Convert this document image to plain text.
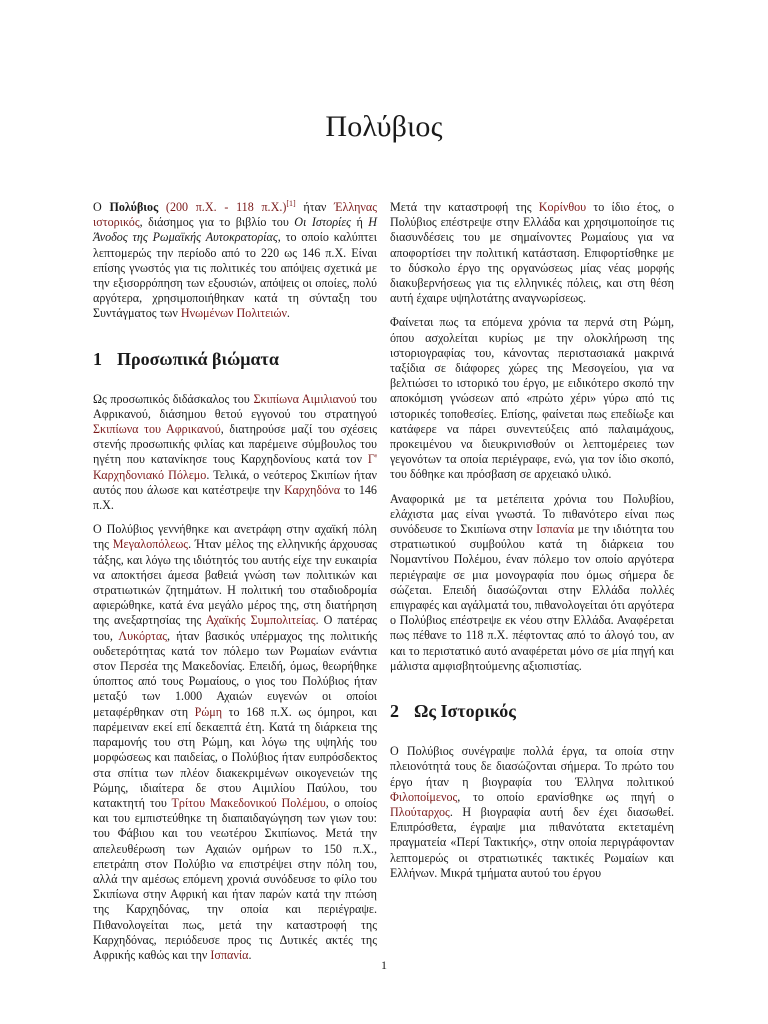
Πολύβιος

Ο Πολύβιος (200 π.Χ. - 118 π.Χ.)[1] ήταν Έλληνας ιστορικός, διάσημος για το βιβλίο του Οι Ιστορίες ή Η Άνοδος της Ρωμαϊκής Αυτοκρατορίας, το οποίο καλύπτει λεπτομερώς την περίοδο από το 220 ως 146 π.Χ. Είναι επίσης γνωστός για τις πολιτικές του απόψεις σχετικά με την εξισορρόπηση των εξουσιών, απόψεις οι οποίες, πολύ αργότερα, χρησιμοποιήθηκαν κατά τη σύνταξη του Συντάγματος των Ηνωμένων Πολιτειών.

1 Προσωπικά βιώματα

Ως προσωπικός διδάσκαλος του Σκιπίωνα Αιμιλιανού του Αφρικανού, διάσημου θετού εγγονού του στρατηγού Σκιπίωνα του Αφρικανού, διατηρούσε μαζί του σχέσεις στενής προσωπικής φιλίας και παρέμεινε σύμβουλος του ηγέτη που κατανίκησε τους Καρχηδονίους κατά τον Γ' Καρχηδονιακό Πόλεμο. Τελικά, ο νεότερος Σκιπίων ήταν αυτός που άλωσε και κατέστρεψε την Καρχηδόνα το 146 π.Χ.

Ο Πολύβιος γεννήθηκε και ανετράφη στην αχαϊκή πόλη της Μεγαλοπόλεως. Ήταν μέλος της ελληνικής άρχουσας τάξης, και λόγω της ιδιότητός του αυτής είχε την ευκαιρία να αποκτήσει άμεσα βαθειά γνώση των πολιτικών και στρατιωτικών ζητημάτων. Η πολιτική του σταδιοδρομία αφιερώθηκε, κατά ένα μεγάλο μέρος της, στη διατήρηση της ανεξαρτησίας της Αχαϊκής Συμπολιτείας. Ο πατέρας του, Λυκόρτας, ήταν βασικός υπέρμαχος της πολιτικής ουδετερότητας κατά τον πόλεμο των Ρωμαίων ενάντια στον Περσέα της Μακεδονίας. Επειδή, όμως, θεωρήθηκε ύποπτος από τους Ρωμαίους, ο γιος του Πολύβιος ήταν μεταξύ των 1.000 Αχαιών ευγενών οι οποίοι μεταφέρθηκαν στη Ρώμη το 168 π.Χ. ως όμηροι, και παρέμειναν εκεί επί δεκαεπτά έτη. Κατά τη διάρκεια της παραμονής του στη Ρώμη, και λόγω της υψηλής του μορφώσεως και παιδείας, ο Πολύβιος ήταν ευπρόσδεκτος στα σπίτια των πλέον διακεκριμένων οικογενειών της Ρώμης, ιδιαίτερα δε στου Αιμιλίου Παύλου, του κατακτητή του Τρίτου Μακεδονικού Πολέμου, ο οποίος και του εμπιστεύθηκε τη διαπαιδαγώγηση των γιων του: του Φάβιου και του νεωτέρου Σκιπίωνος. Μετά την απελευθέρωση των Αχαιών ομήρων το 150 π.Χ., επετράπη στον Πολύβιο να επιστρέψει στην πόλη του, αλλά την αμέσως επόμενη χρονιά συνόδευσε το φίλο του Σκιπίωνα στην Αφρική και ήταν παρών κατά την πτώση της Καρχηδόνας, την οποία και περιέγραψε. Πιθανολογείται πως, μετά την καταστροφή της Καρχηδόνας, περιόδευσε προς τις Δυτικές ακτές της Αφρικής καθώς και την Ισπανία.

Μετά την καταστροφή της Κορίνθου το ίδιο έτος, ο Πολύβιος επέστρεψε στην Ελλάδα και χρησιμοποίησε τις διασυνδέσεις του με σημαίνοντες Ρωμαίους για να αποφορτίσει την πολιτική κατάσταση. Επιφορτίσθηκε με το δύσκολο έργο της οργανώσεως μίας νέας μορφής διακυβερνήσεως για τις ελληνικές πόλεις, και στη θέση αυτή έχαιρε υψηλοτάτης αναγνωρίσεως.

Φαίνεται πως τα επόμενα χρόνια τα περνά στη Ρώμη, όπου ασχολείται κυρίως με την ολοκλήρωση της ιστοριογραφίας του, κάνοντας περιστασιακά μακρινά ταξίδια σε διάφορες χώρες της Μεσογείου, για να βελτιώσει το ιστορικό του έργο, με ειδικότερο σκοπό την αποκόμιση γνώσεων από «πρώτο χέρι» γύρω από τις ιστορικές τοποθεσίες. Επίσης, φαίνεται πως επεδίωξε και κατάφερε να πάρει συνεντεύξεις από παλαιμάχους, προκειμένου να διευκρινισθούν οι λεπτομέρειες των γεγονότων τα οποία περιέγραφε, ενώ, για τον ίδιο σκοπό, του δόθηκε και πρόσβαση σε αρχειακό υλικό.

Αναφορικά με τα μετέπειτα χρόνια του Πολυβίου, ελάχιστα μας είναι γνωστά. Το πιθανότερο είναι πως συνόδευσε το Σκιπίωνα στην Ισπανία με την ιδιότητα του στρατιωτικού συμβούλου κατά τη διάρκεια του Νομαντίνου Πολέμου, έναν πόλεμο τον οποίο αργότερα περιέγραψε σε μια μονογραφία που όμως σήμερα δε σώζεται. Επειδή διασώζονται στην Ελλάδα πολλές επιγραφές και αγάλματά του, πιθανολογείται ότι αργότερα ο Πολύβιος επέστρεψε εκ νέου στην Ελλάδα. Αναφέρεται πως πέθανε το 118 π.Χ. πέφτοντας από το άλογό του, αν και το περιστατικό αυτό αναφέρεται μόνο σε μία πηγή και μάλιστα αμφισβητούμενης αξιοπιστίας.

2 Ως Ιστορικός

Ο Πολύβιος συνέγραψε πολλά έργα, τα οποία στην πλειονότητά τους δε διασώζονται σήμερα. Το πρώτο του έργο ήταν η βιογραφία του Έλληνα πολιτικού Φιλοποίμενος, το οποίο ερανίσθηκε ως πηγή ο Πλούταρχος. Η βιογραφία αυτή δεν έχει διασωθεί. Επιπρόσθετα, έγραψε μια πιθανότατα εκτεταμένη πραγματεία «Περί Τακτικής», στην οποία περιγράφονταν λεπτομερώς οι στρατιωτικές τακτικές Ρωμαίων και Ελλήνων. Μικρά τμήματα αυτού του έργου

1
